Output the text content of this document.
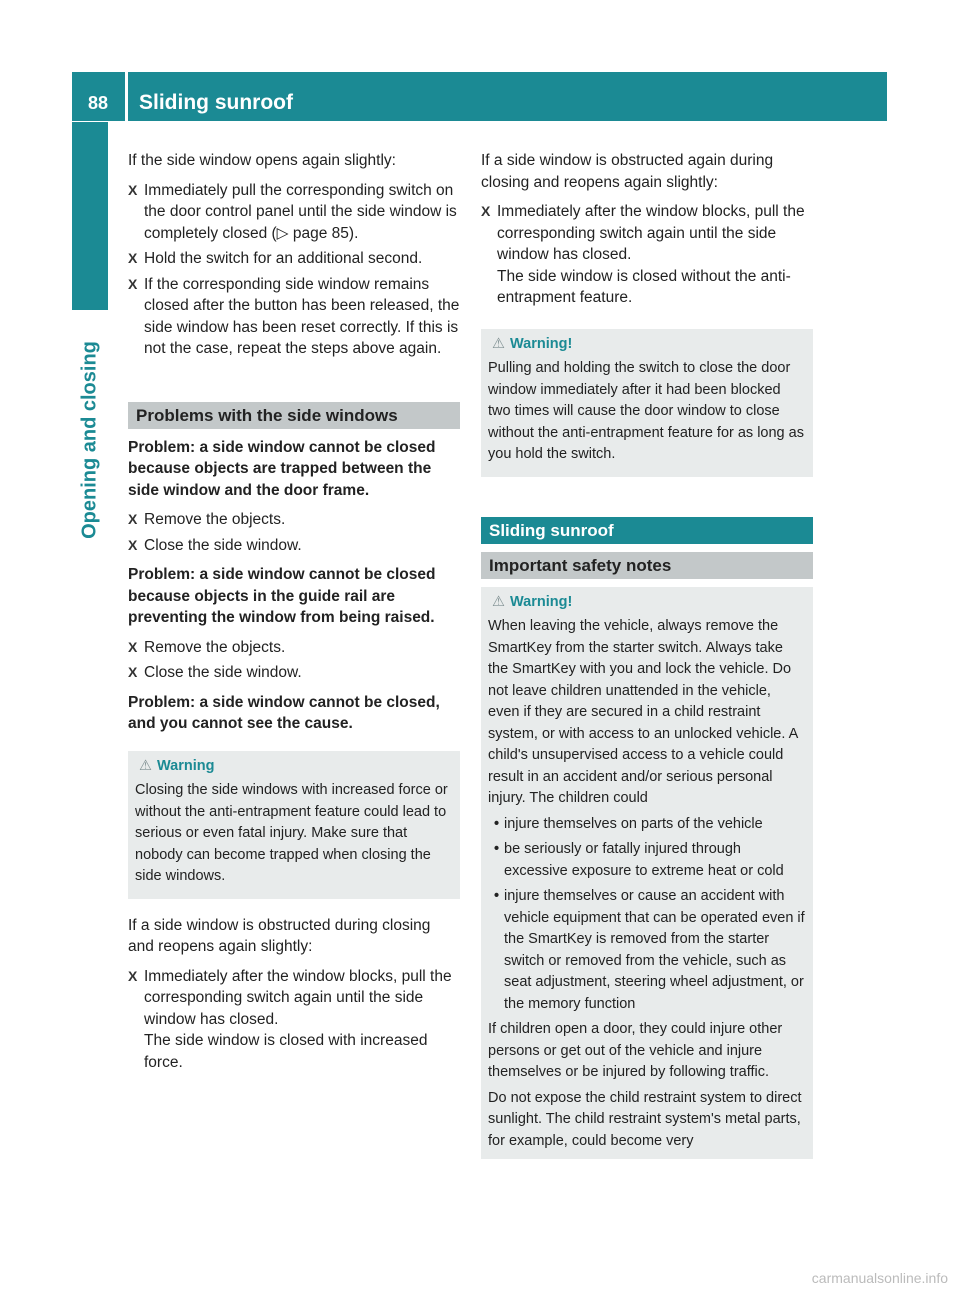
88	Sliding sunroof
Opening and closing

If the side window opens again slightly:

X Immediately pull the corresponding switch on the door control panel until the side window is completely closed (▷ page 85).
X Hold the switch for an additional second.
X If the corresponding side window remains closed after the button has been released, the side window has been reset correctly. If this is not the case, repeat the steps above again.
Problems with the side windows
Problem: a side window cannot be closed because objects are trapped between the side window and the door frame.
X Remove the objects.
X Close the side window.
Problem: a side window cannot be closed because objects in the guide rail are preventing the window from being raised.
X Remove the objects.
X Close the side window.
Problem: a side window cannot be closed, and you cannot see the cause.
⚠ Warning

Closing the side windows with increased force or without the anti-entrapment feature could lead to serious or even fatal injury. Make sure that nobody can become trapped when closing the side windows.

If a side window is obstructed during closing and reopens again slightly:

X Immediately after the window blocks, pull the corresponding switch again until the side window has closed.
The side window is closed with increased force.

If a side window is obstructed again during closing and reopens again slightly:

X Immediately after the window blocks, pull the corresponding switch again until the side window has closed.
The side window is closed without the anti-entrapment feature.
⚠ Warning!

Pulling and holding the switch to close the door window immediately after it had been blocked two times will cause the door window to close without the anti-entrapment feature for as long as you hold the switch.

Sliding sunroof
Important safety notes
⚠ Warning!

When leaving the vehicle, always remove the SmartKey from the starter switch. Always take the SmartKey with you and lock the vehicle. Do not leave children unattended in the vehicle, even if they are secured in a child restraint system, or with access to an unlocked vehicle. A child's unsupervised access to a vehicle could result in an accident and/or serious personal injury. The children could

• injure themselves on parts of the vehicle
• be seriously or fatally injured through excessive exposure to extreme heat or cold
• injure themselves or cause an accident with vehicle equipment that can be operated even if the SmartKey is removed from the starter switch or removed from the vehicle, such as seat adjustment, steering wheel adjustment, or the memory function

If children open a door, they could injure other persons or get out of the vehicle and injure themselves or be injured by following traffic.

Do not expose the child restraint system to direct sunlight. The child restraint system's metal parts, for example, could become very

carmanualsonline.info
